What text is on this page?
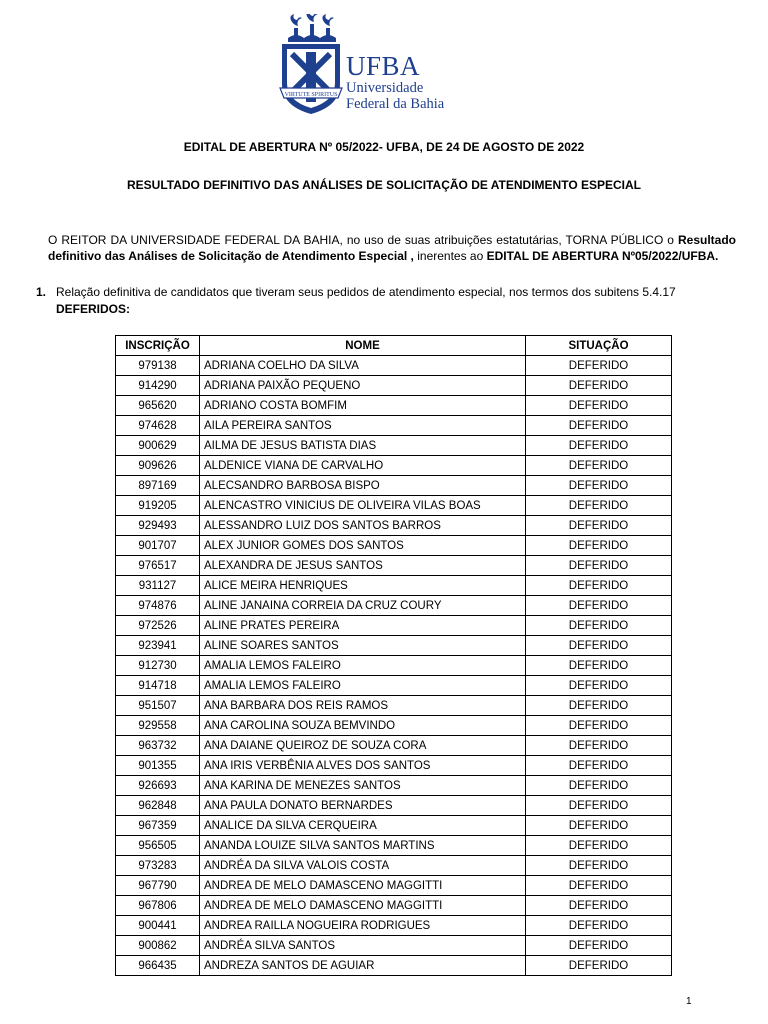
VIRTUTE SPIRITUS
UFBA
Universidade
Federal da Bahia
EDITAL DE ABERTURA Nº 05/2022- UFBA, DE 24 DE AGOSTO DE 2022
RESULTADO DEFINITIVO DAS ANÁLISES DE SOLICITAÇÃO DE ATENDIMENTO ESPECIAL
O REITOR DA UNIVERSIDADE FEDERAL DA BAHIA, no uso de suas atribuições estatutárias, TORNA PÚBLICO o Resultado definitivo das Análises de Solicitação de Atendimento Especial , inerentes ao EDITAL DE ABERTURA Nº05/2022/UFBA.
1. Relação definitiva de candidatos que tiveram seus pedidos de atendimento especial, nos termos dos subitens 5.4.17
DEFERIDOS:
INSCRIÇÃO	NOME	SITUAÇÃO
979138	ADRIANA COELHO DA SILVA	DEFERIDO
914290	ADRIANA PAIXÃO PEQUENO	DEFERIDO
965620	ADRIANO COSTA BOMFIM	DEFERIDO
974628	AILA PEREIRA SANTOS	DEFERIDO
900629	AILMA DE JESUS BATISTA DIAS	DEFERIDO
909626	ALDENICE VIANA DE CARVALHO	DEFERIDO
897169	ALECSANDRO BARBOSA BISPO	DEFERIDO
919205	ALENCASTRO VINICIUS DE OLIVEIRA VILAS BOAS	DEFERIDO
929493	ALESSANDRO LUIZ DOS SANTOS BARROS	DEFERIDO
901707	ALEX JUNIOR GOMES DOS SANTOS	DEFERIDO
976517	ALEXANDRA DE JESUS SANTOS	DEFERIDO
931127	ALICE MEIRA HENRIQUES	DEFERIDO
974876	ALINE JANAINA CORREIA DA CRUZ COURY	DEFERIDO
972526	ALINE PRATES PEREIRA	DEFERIDO
923941	ALINE SOARES SANTOS	DEFERIDO
912730	AMALIA LEMOS FALEIRO	DEFERIDO
914718	AMALIA LEMOS FALEIRO	DEFERIDO
951507	ANA BARBARA DOS REIS RAMOS	DEFERIDO
929558	ANA CAROLINA SOUZA BEMVINDO	DEFERIDO
963732	ANA DAIANE QUEIROZ DE SOUZA CORA	DEFERIDO
901355	ANA IRIS VERBÊNIA ALVES DOS SANTOS	DEFERIDO
926693	ANA KARINA DE MENEZES SANTOS	DEFERIDO
962848	ANA PAULA DONATO BERNARDES	DEFERIDO
967359	ANALICE DA SILVA CERQUEIRA	DEFERIDO
956505	ANANDA LOUIZE SILVA SANTOS MARTINS	DEFERIDO
973283	ANDRÉA DA SILVA VALOIS COSTA	DEFERIDO
967790	ANDREA DE MELO DAMASCENO MAGGITTI	DEFERIDO
967806	ANDREA DE MELO DAMASCENO MAGGITTI	DEFERIDO
900441	ANDREA RAILLA NOGUEIRA RODRIGUES	DEFERIDO
900862	ANDRÉA SILVA SANTOS	DEFERIDO
966435	ANDREZA SANTOS DE AGUIAR	DEFERIDO
1
